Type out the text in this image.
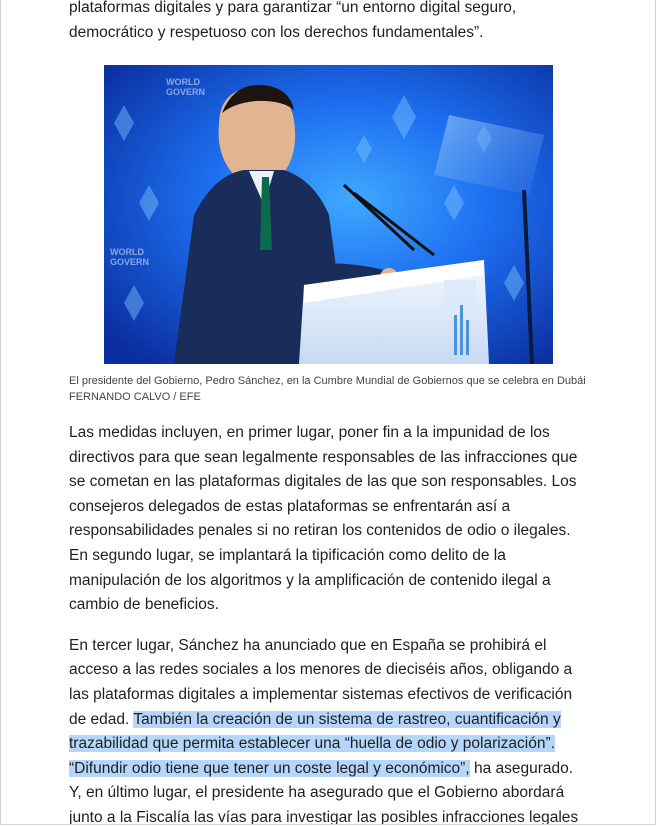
plataformas digitales y para garantizar “un entorno digital seguro, democrático y respetuoso con los derechos fundamentales”.

WORLD
GOVERN
WORLD
GOVERN

El presidente del Gobierno, Pedro Sánchez, en la Cumbre Mundial de Gobiernos que se celebra en Dubái FERNANDO CALVO / EFE

Las medidas incluyen, en primer lugar, poner fin a la impunidad de los directivos para que sean legalmente responsables de las infracciones que se cometan en las plataformas digitales de las que son responsables. Los consejeros delegados de estas plataformas se enfrentarán así a responsabilidades penales si no retiran los contenidos de odio o ilegales. En segundo lugar, se implantará la tipificación como delito de la manipulación de los algoritmos y la amplificación de contenido ilegal a cambio de beneficios.

En tercer lugar, Sánchez ha anunciado que en España se prohibirá el acceso a las redes sociales a los menores de dieciséis años, obligando a las plataformas digitales a implementar sistemas efectivos de verificación de edad. También la creación de un sistema de rastreo, cuantificación y trazabilidad que permita establecer una “huella de odio y polarización”. “Difundir odio tiene que tener un coste legal y económico”, ha asegurado. Y, en último lugar, el presidente ha asegurado que el Gobierno abordará junto a la Fiscalía las vías para investigar las posibles infracciones legales
